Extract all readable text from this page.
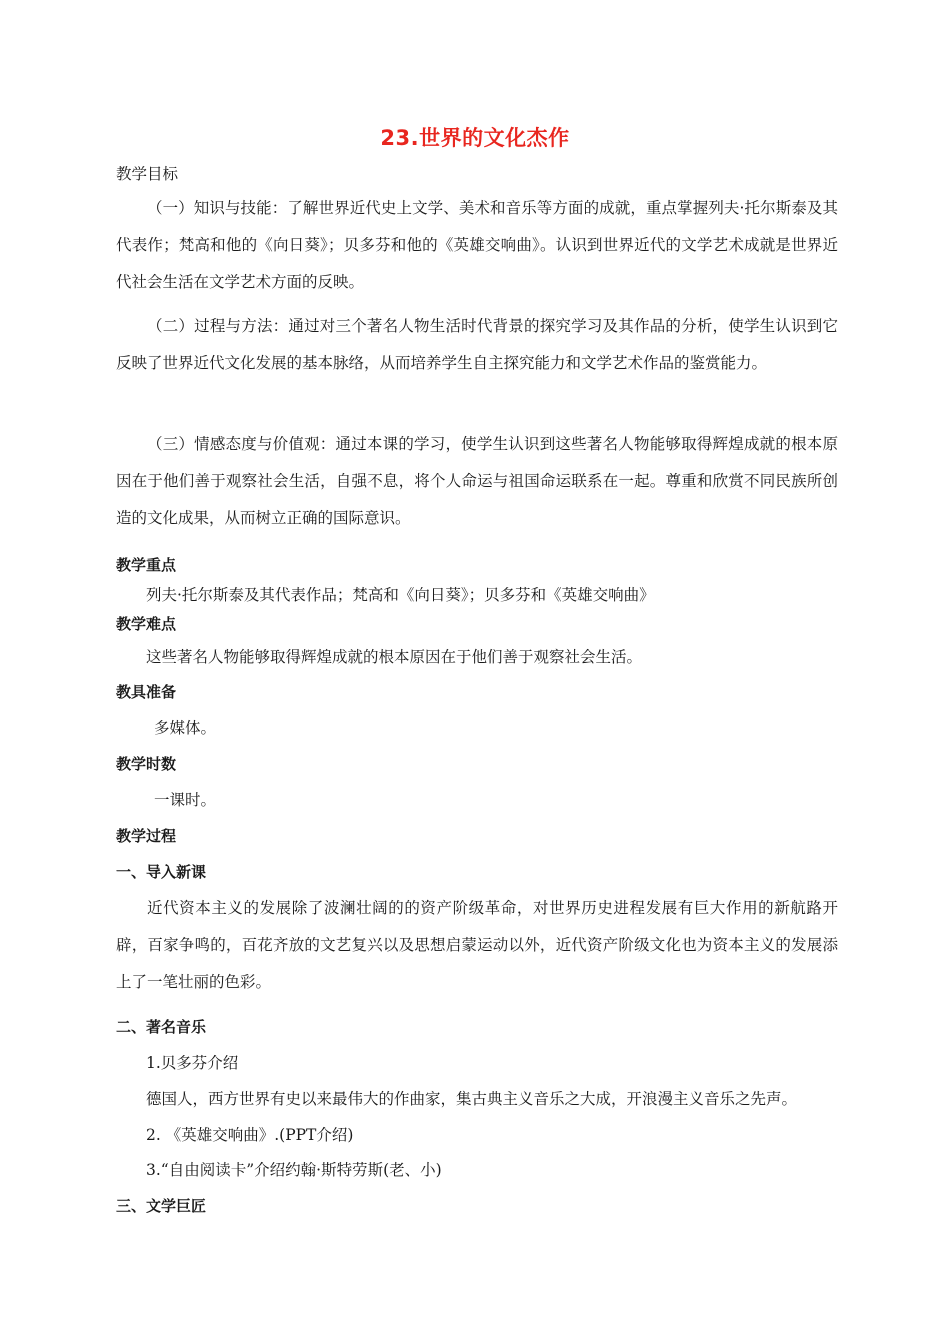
23.世界的文化杰作
教学目标
（一）知识与技能：了解世界近代史上文学、美术和音乐等方面的成就，重点掌握列夫·托尔斯泰及其代表作；梵高和他的《向日葵》；贝多芬和他的《英雄交响曲》。认识到世界近代的文学艺术成就是世界近代社会生活在文学艺术方面的反映。
（二）过程与方法：通过对三个著名人物生活时代背景的探究学习及其作品的分析，使学生认识到它反映了世界近代文化发展的基本脉络，从而培养学生自主探究能力和文学艺术作品的鉴赏能力。
（三）情感态度与价值观：通过本课的学习，使学生认识到这些著名人物能够取得辉煌成就的根本原因在于他们善于观察社会生活，自强不息，将个人命运与祖国命运联系在一起。尊重和欣赏不同民族所创造的文化成果，从而树立正确的国际意识。
教学重点
列夫·托尔斯泰及其代表作品；梵高和《向日葵》；贝多芬和《英雄交响曲》
教学难点
这些著名人物能够取得辉煌成就的根本原因在于他们善于观察社会生活。
教具准备
多媒体。
教学时数
一课时。
教学过程
一、导入新课
近代资本主义的发展除了波澜壮阔的的资产阶级革命，对世界历史进程发展有巨大作用的新航路开辟，百家争鸣的，百花齐放的文艺复兴以及思想启蒙运动以外，近代资产阶级文化也为资本主义的发展添上了一笔壮丽的色彩。
二、著名音乐
1.贝多芬介绍
德国人，西方世界有史以来最伟大的作曲家，集古典主义音乐之大成，开浪漫主义音乐之先声。
2. 《英雄交响曲》.(PPT介绍)
3.“自由阅读卡”介绍约翰·斯特劳斯(老、小)
三、文学巨匠
